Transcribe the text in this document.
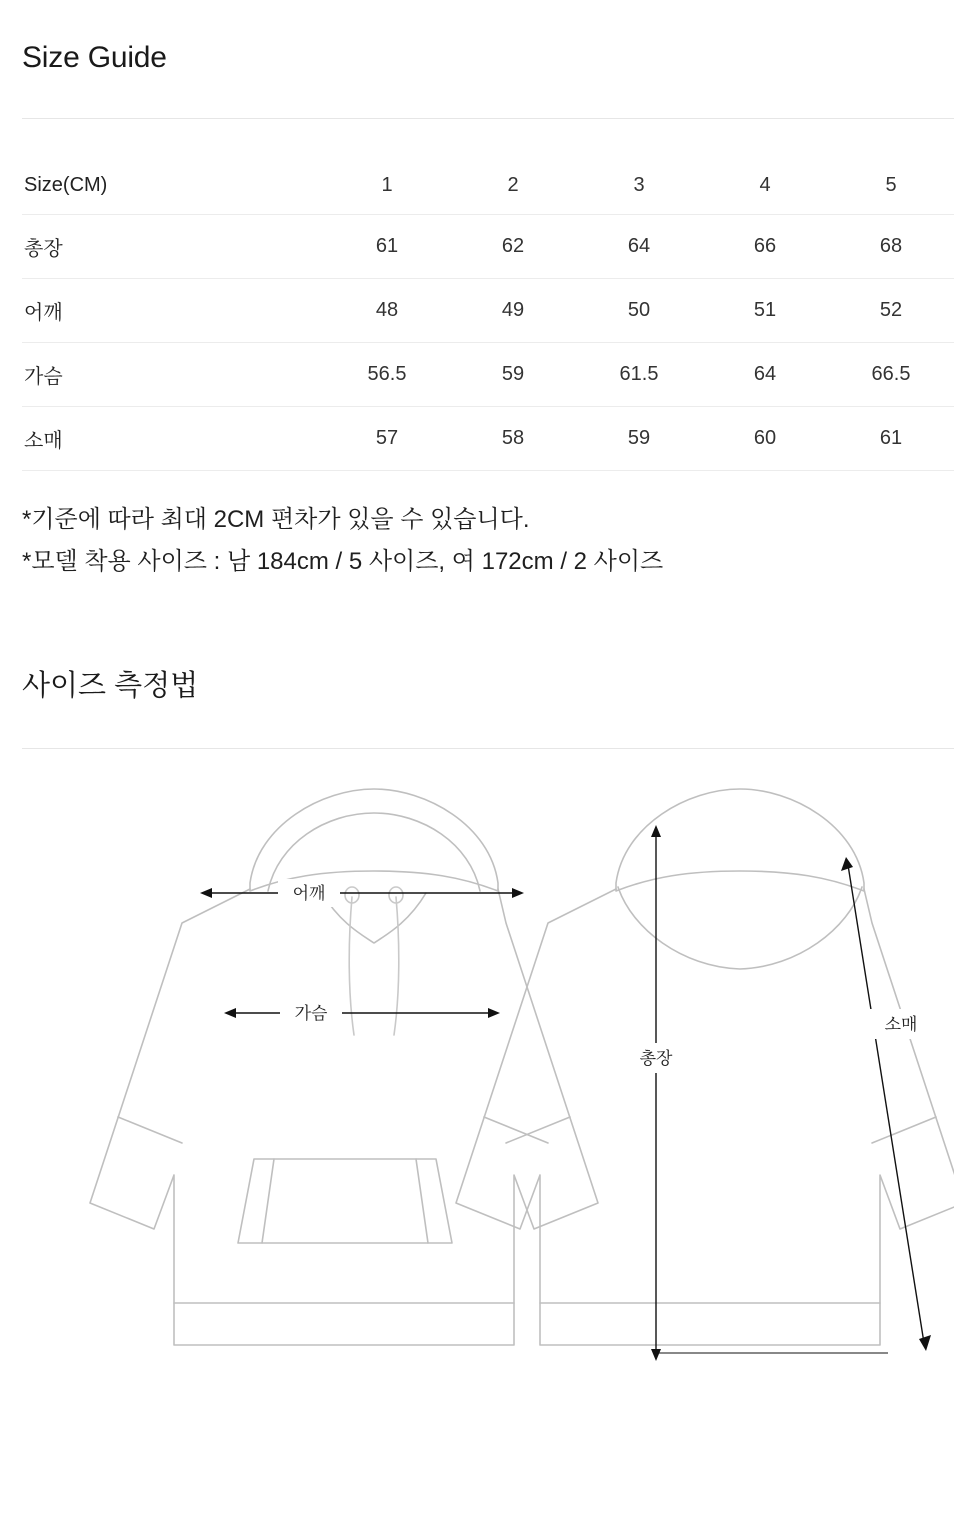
Size Guide
Size(CM)	1	2	3	4	5
총장	61	62	64	66	68
어깨	48	49	50	51	52
가슴	56.5	59	61.5	64	66.5
소매	57	58	59	60	61
*기준에 따라 최대 2CM 편차가 있을 수 있습니다.
*모델 착용 사이즈 : 남 184cm / 5 사이즈, 여 172cm / 2 사이즈
사이즈 측정법
어깨
가슴
총장
소매
